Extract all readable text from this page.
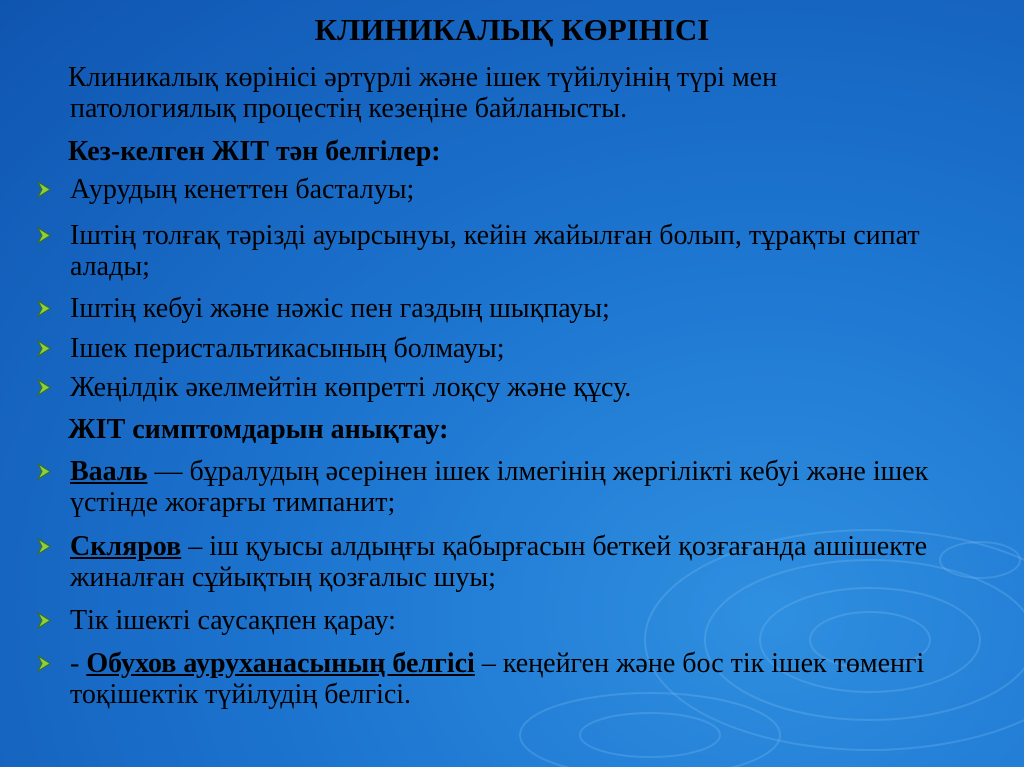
КЛИНИКАЛЫҚ КӨРІНІСІ
Клиникалық көрінісі әртүрлі және ішек түйілуінің түрі мен
патологиялық процестің кезеңіне байланысты.
Кез-келген ЖІТ тән белгілер:
Аурудың кенеттен басталуы;
Іштің толғақ тәрізді ауырсынуы, кейін жайылған болып, тұрақты сипат алады;
Іштің кебуі және нәжіс пен газдың шықпауы;
Ішек перистальтикасының болмауы;
Жеңілдік әкелмейтін көпретті лоқсу және құсу.
ЖІТ симптомдарын анықтау:
Вааль — бұралудың әсерінен ішек ілмегінің жергілікті кебуі және ішек үстінде жоғарғы тимпанит;
Скляров – іш қуысы алдыңғы қабырғасын беткей қозғағанда ашішекте жиналған сұйықтың қозғалыс шуы;
Тік ішекті саусақпен қарау:
- Обухов ауруханасының белгісі – кеңейген және бос тік ішек төменгі тоқішектік түйілудің белгісі.
